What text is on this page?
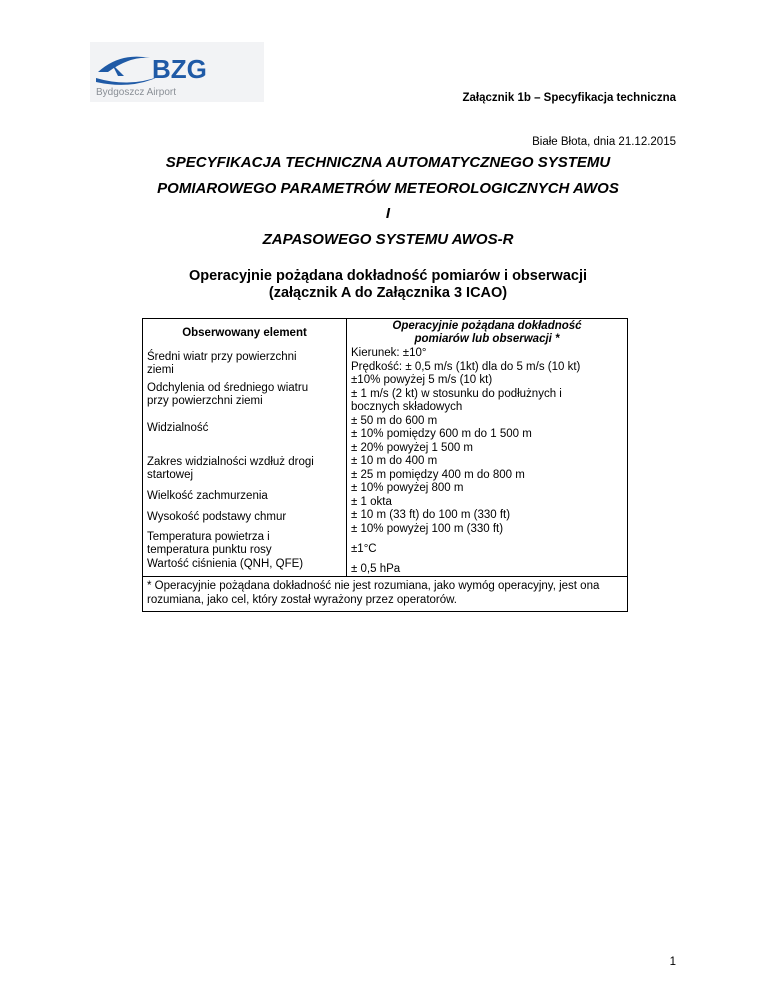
BZG
Bydgoszcz Airport	Załącznik 1b – Specyfikacja techniczna
Białe Błota, dnia 21.12.2015
SPECYFIKACJA TECHNICZNA AUTOMATYCZNEGO SYSTEMU
POMIAROWEGO PARAMETRÓW METEOROLOGICZNYCH AWOS
I
ZAPASOWEGO SYSTEMU AWOS-R
Operacyjnie pożądana dokładność pomiarów i obserwacji
(załącznik A do Załącznika 3 ICAO)
Obserwowany element
Średni wiatr przy powierzchni
ziemi
Odchylenia od średniego wiatru
przy powierzchni ziemi
Widzialność
Zakres widzialności wzdłuż drogi
startowej
Wielkość zachmurzenia
Wysokość podstawy chmur
Temperatura powietrza i
temperatura punktu rosy
Wartość ciśnienia (QNH, QFE)
Operacyjnie pożądana dokładność
pomiarów lub obserwacji *
Kierunek: ±10°
Prędkość: ± 0,5 m/s (1kt) dla do 5 m/s (10 kt)
±10% powyżej 5 m/s (10 kt)
± 1 m/s (2 kt) w stosunku do podłużnych i
bocznych składowych
± 50 m do 600 m
± 10% pomiędzy 600 m do 1 500 m
± 20% powyżej 1 500 m
± 10 m do 400 m
± 25 m pomiędzy 400 m do 800 m
± 10% powyżej 800 m
± 1 okta
± 10 m (33 ft) do 100 m (330 ft)
± 10% powyżej 100 m (330 ft)
±1°C
± 0,5 hPa
* Operacyjnie pożądana dokładność nie jest rozumiana, jako wymóg operacyjny, jest ona rozumiana, jako cel, który został wyrażony przez operatorów.
1
